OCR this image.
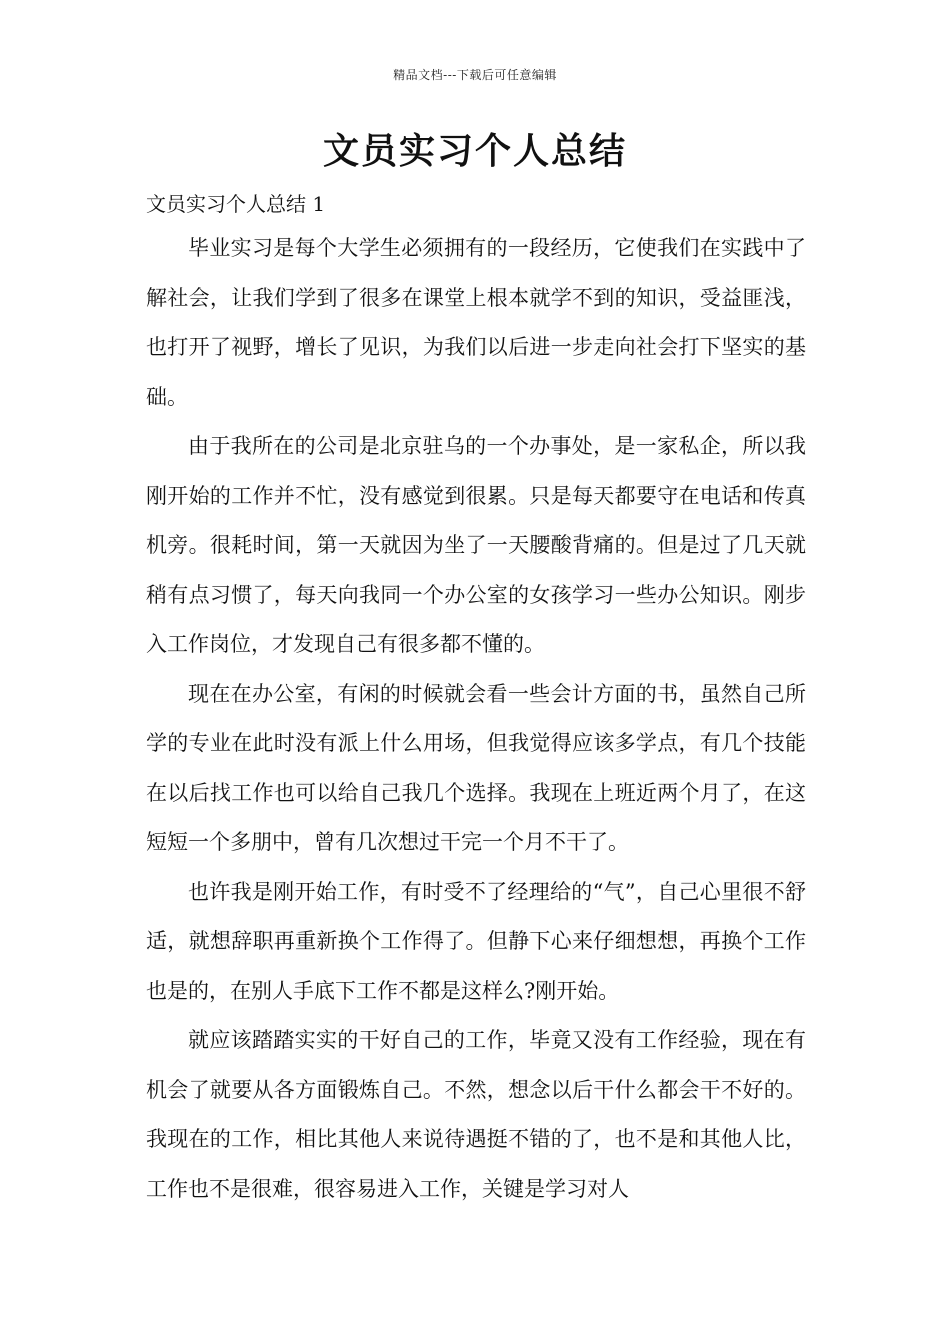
精品文档---下载后可任意编辑
文员实习个人总结

文员实习个人总结 1

毕业实习是每个大学生必须拥有的一段经历，它使我们在实践中了解社会，让我们学到了很多在课堂上根本就学不到的知识，受益匪浅，也打开了视野，增长了见识，为我们以后进一步走向社会打下坚实的基础。

由于我所在的公司是北京驻乌的一个办事处，是一家私企，所以我刚开始的工作并不忙，没有感觉到很累。只是每天都要守在电话和传真机旁。很耗时间，第一天就因为坐了一天腰酸背痛的。但是过了几天就稍有点习惯了，每天向我同一个办公室的女孩学习一些办公知识。刚步入工作岗位，才发现自己有很多都不懂的。

现在在办公室，有闲的时候就会看一些会计方面的书，虽然自己所学的专业在此时没有派上什么用场，但我觉得应该多学点，有几个技能在以后找工作也可以给自己我几个选择。我现在上班近两个月了，在这短短一个多朋中，曾有几次想过干完一个月不干了。

也许我是刚开始工作，有时受不了经理给的“气”，自己心里很不舒适，就想辞职再重新换个工作得了。但静下心来仔细想想，再换个工作也是的，在别人手底下工作不都是这样么?刚开始。

就应该踏踏实实的干好自己的工作，毕竟又没有工作经验，现在有机会了就要从各方面锻炼自己。不然，想念以后干什么都会干不好的。我现在的工作，相比其他人来说待遇挺不错的了，也不是和其他人比，工作也不是很难，很容易进入工作，关键是学习对人
